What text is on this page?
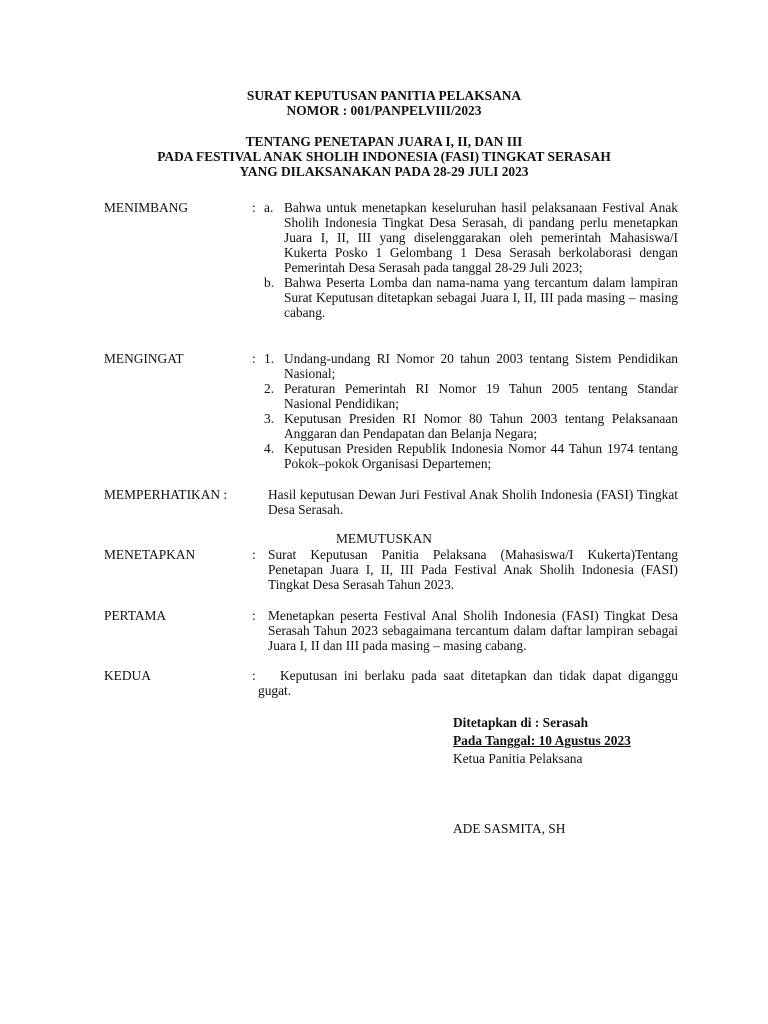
SURAT KEPUTUSAN PANITIA PELAKSANA
NOMOR : 001/PANPELVIII/2023
TENTANG PENETAPAN JUARA I, II, DAN III
PADA FESTIVAL ANAK SHOLIH INDONESIA (FASI) TINGKAT SERASAH
YANG DILAKSANAKAN PADA 28-29 JULI 2023
MENIMBANG	: a. Bahwa untuk menetapkan keseluruhan hasil pelaksanaan Festival Anak Sholih Indonesia Tingkat Desa Serasah, di pandang perlu menetapkan Juara I, II, III yang diselenggarakan oleh pemerintah Mahasiswa/I Kukerta Posko 1 Gelombang 1 Desa Serasah berkolaborasi dengan Pemerintah Desa Serasah pada tanggal 28-29 Juli 2023;
b. Bahwa Peserta Lomba dan nama-nama yang tercantum dalam lampiran Surat Keputusan ditetapkan sebagai Juara I, II, III pada masing – masing cabang.
MENGINGAT	: 1. Undang-undang RI Nomor 20 tahun 2003 tentang Sistem Pendidikan Nasional;
2. Peraturan Pemerintah RI Nomor 19 Tahun 2005 tentang Standar Nasional Pendidikan;
3. Keputusan Presiden RI Nomor 80 Tahun 2003 tentang Pelaksanaan Anggaran dan Pendapatan dan Belanja Negara;
4. Keputusan Presiden Republik Indonesia Nomor 44 Tahun 1974 tentang Pokok–pokok Organisasi Departemen;
MEMPERHATIKAN :	Hasil keputusan Dewan Juri Festival Anak Sholih Indonesia (FASI) Tingkat Desa Serasah.
MEMUTUSKAN
MENETAPKAN	: Surat Keputusan Panitia Pelaksana (Mahasiswa/I Kukerta)Tentang Penetapan Juara I, II, III Pada Festival Anak Sholih Indonesia (FASI) Tingkat Desa Serasah Tahun 2023.
PERTAMA	: Menetapkan peserta Festival Anal Sholih Indonesia (FASI) Tingkat Desa Serasah Tahun 2023 sebagaimana tercantum dalam daftar lampiran sebagai Juara I, II dan III pada masing – masing cabang.
KEDUA	:	Keputusan ini berlaku pada saat ditetapkan dan tidak dapat diganggu gugat.
Ditetapkan di : Serasah
Pada Tanggal: 10 Agustus 2023
Ketua Panitia Pelaksana
ADE SASMITA, SH
